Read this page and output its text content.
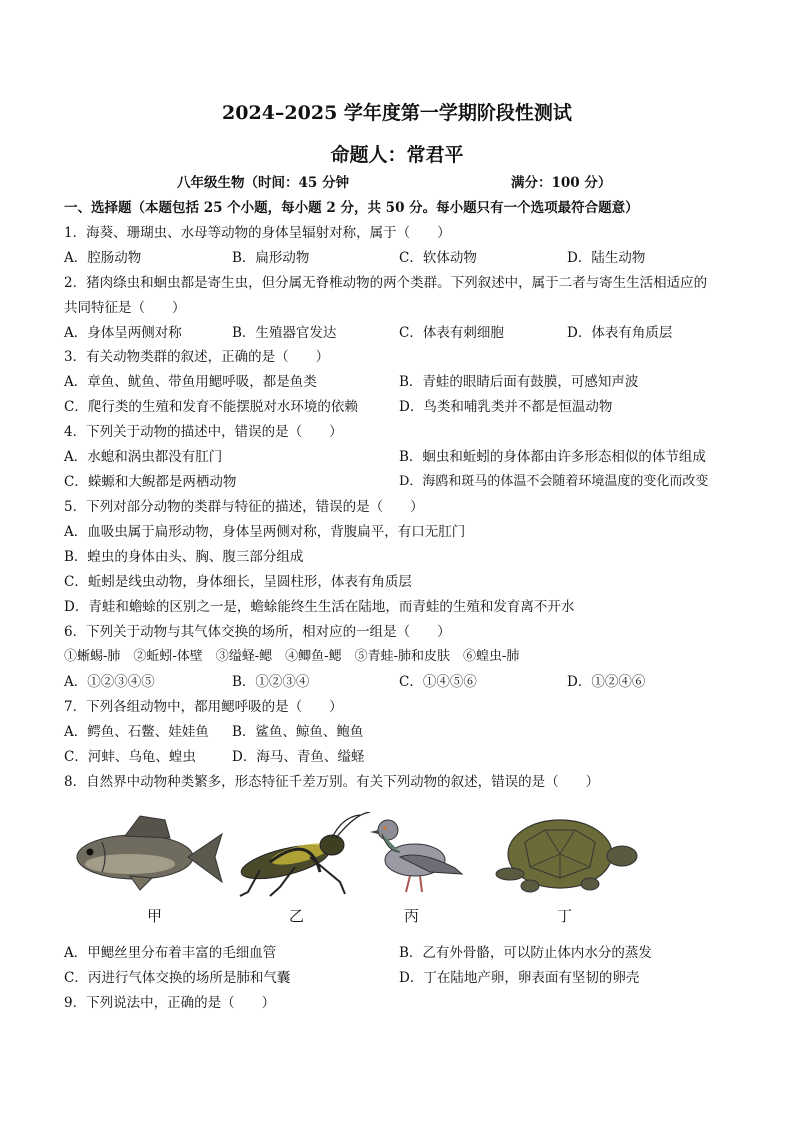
2024–2025 学年度第一学期阶段性测试
命题人：常君平
八年级生物（时间：45 分钟	满分：100 分）
一、选择题（本题包括 25 个小题，每小题 2 分，共 50 分。每小题只有一个选项最符合题意）
1．海葵、珊瑚虫、水母等动物的身体呈辐射对称，属于（　　）
A．腔肠动物	B．扁形动物	C．软体动物	D．陆生动物
2．猪肉绦虫和蛔虫都是寄生虫，但分属无脊椎动物的两个类群。下列叙述中，属于二者与寄生生活相适应的
共同特征是（　　）
A．身体呈两侧对称	B．生殖器官发达	C．体表有刺细胞	D．体表有角质层
3．有关动物类群的叙述，正确的是（　　）
A．章鱼、鱿鱼、带鱼用鳃呼吸，都是鱼类	B．青蛙的眼睛后面有鼓膜，可感知声波
C．爬行类的生殖和发育不能摆脱对水环境的依赖	D．鸟类和哺乳类并不都是恒温动物
4．下列关于动物的描述中，错误的是（　　）
A．水螅和涡虫都没有肛门	B．蛔虫和蚯蚓的身体都由许多形态相似的体节组成
C．蝾螈和大鲵都是两栖动物	D．海鸥和斑马的体温不会随着环境温度的变化而改变
5．下列对部分动物的类群与特征的描述，错误的是（　　）
A．血吸虫属于扁形动物，身体呈两侧对称，背腹扁平，有口无肛门
B．蝗虫的身体由头、胸、腹三部分组成
C．蚯蚓是线虫动物，身体细长，呈圆柱形，体表有角质层
D．青蛙和蟾蜍的区别之一是，蟾蜍能终生生活在陆地，而青蛙的生殖和发育离不开水
6．下列关于动物与其气体交换的场所，相对应的一组是（　　）
①蜥蜴-肺　②蚯蚓-体壁　③缢蛏-鳃　④鲫鱼-鳃　⑤青蛙-肺和皮肤　⑥蝗虫-肺
A．①②③④⑤	B．①②③④	C．①④⑤⑥	D．①②④⑥
7．下列各组动物中，都用鳃呼吸的是（　　）
A．鳄鱼、石鳖、娃娃鱼 B．鲨鱼、鲸鱼、鲍鱼
C．河蚌、乌龟、蝗虫	D．海马、青鱼、缢蛏
8．自然界中动物种类繁多，形态特征千差万别。有关下列动物的叙述，错误的是（　　）
甲	乙	丙	丁
A．甲鳃丝里分布着丰富的毛细血管	B．乙有外骨骼，可以防止体内水分的蒸发
C．丙进行气体交换的场所是肺和气囊	D．丁在陆地产卵，卵表面有坚韧的卵壳
9．下列说法中，正确的是（　　）
